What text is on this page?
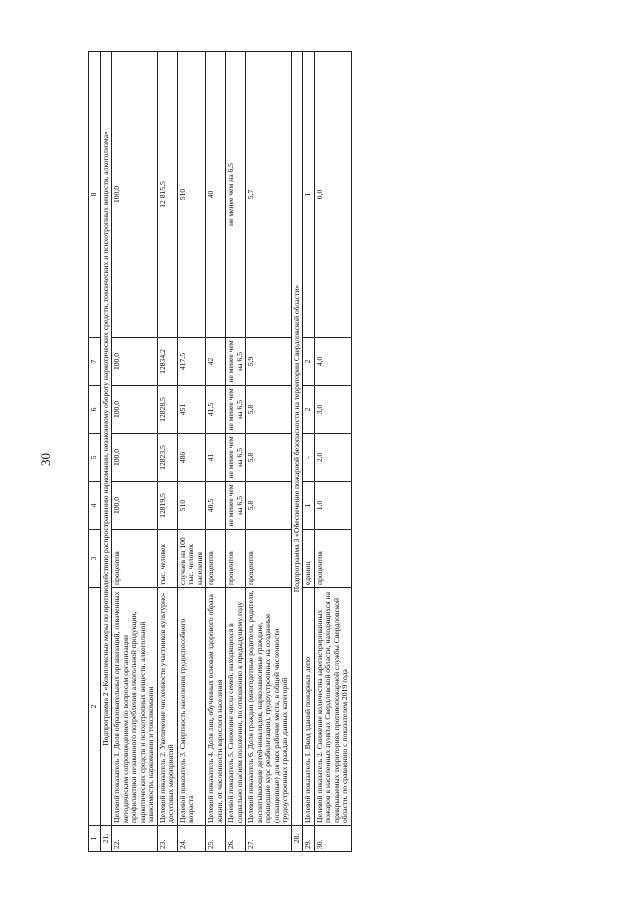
30
1	2	3	4	5	6	7	8
21.	Подпрограмма 2 «Комплексные меры по противодействию распространению наркомании, незаконному обороту наркотических средств, токсических и психотропных веществ, алкоголизма»						
22.	Целевой показатель 1. Доля образовательных организаций, охваченных методическим сопровождением по вопросам организации профилактики незаконного потребления алкогольной продукции, наркотических средств и психотропных веществ, алкогольной зависимости, наркомании и токсикомании	процентов	100,0	100,0	100,0	100,0	100,0
23.	Целевой показатель 2. Увеличение численности участников культурно-досуговых мероприятий	тыс. человек	12819,5	12823,5	12828,5	12834,2	12 815,5
24.	Целевой показатель 3. Смертность населения трудоспособного возраста	случаев на 100 тыс. человек населения	510	486	451	417,5	510
25.	Целевой показатель 4. Доля лиц, обученных основам здорового образа жизни, от численности взрослого населения	процентов	40,5	41	41,5	42	40
26.	Целевой показатель 5. Снижение числа семей, находящихся в социально опасном положении, по отношению к предыдущему году	процентов	не менее чем на 6,5	не менее чем на 6,5	не менее чем на 6,5	не менее чем на 6,5	не менее чем на 6,5
27.	Целевой показатель 6. Доля граждан (многодетные родители, родители, воспитывающие детей-инвалидов, наркозависимые граждане, прошедшие курс реабилитации), трудоустроенных на созданные (оснащенные) для них рабочие места, в общей численности трудоустроенных граждан данных категорий	процентов	5,8	5,8	5,8	5,9	5,7
28.	Подпрограмма 3 «Обеспечение пожарной безопасности на территории Свердловской области»						
29.	Целевой показатель 1. Ввод зданий пожарных депо	единиц	1	-	2	2	1
30.	Целевой показатель 2. Снижение количества зарегистрированных пожаров в населенных пунктах Свердловской области, находящихся на прикрываемых территориях противопожарной службы Свердловской области, по сравнению с показателем 2019 года	процентов	1,0	2,0	3,0	4,0	0,0
